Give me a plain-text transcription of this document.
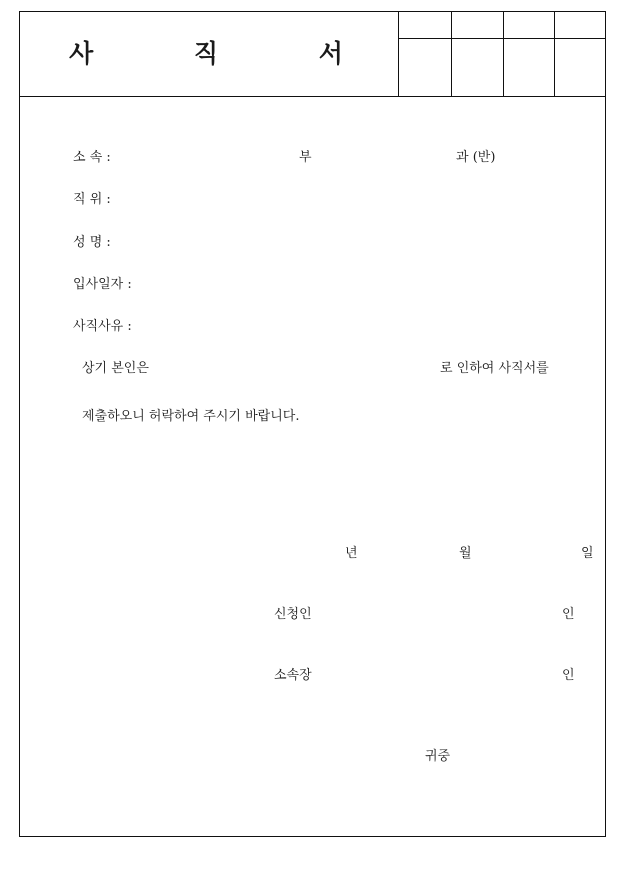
사 직 서
소 속 :	부	과 (반)
직 위 :
성 명 :
입사일자 :
사직사유 :
상기 본인은	로 인하여 사직서를
제출하오니 허락하여 주시기 바랍니다.
년	월	일
신청인	인
소속장	인
귀중
